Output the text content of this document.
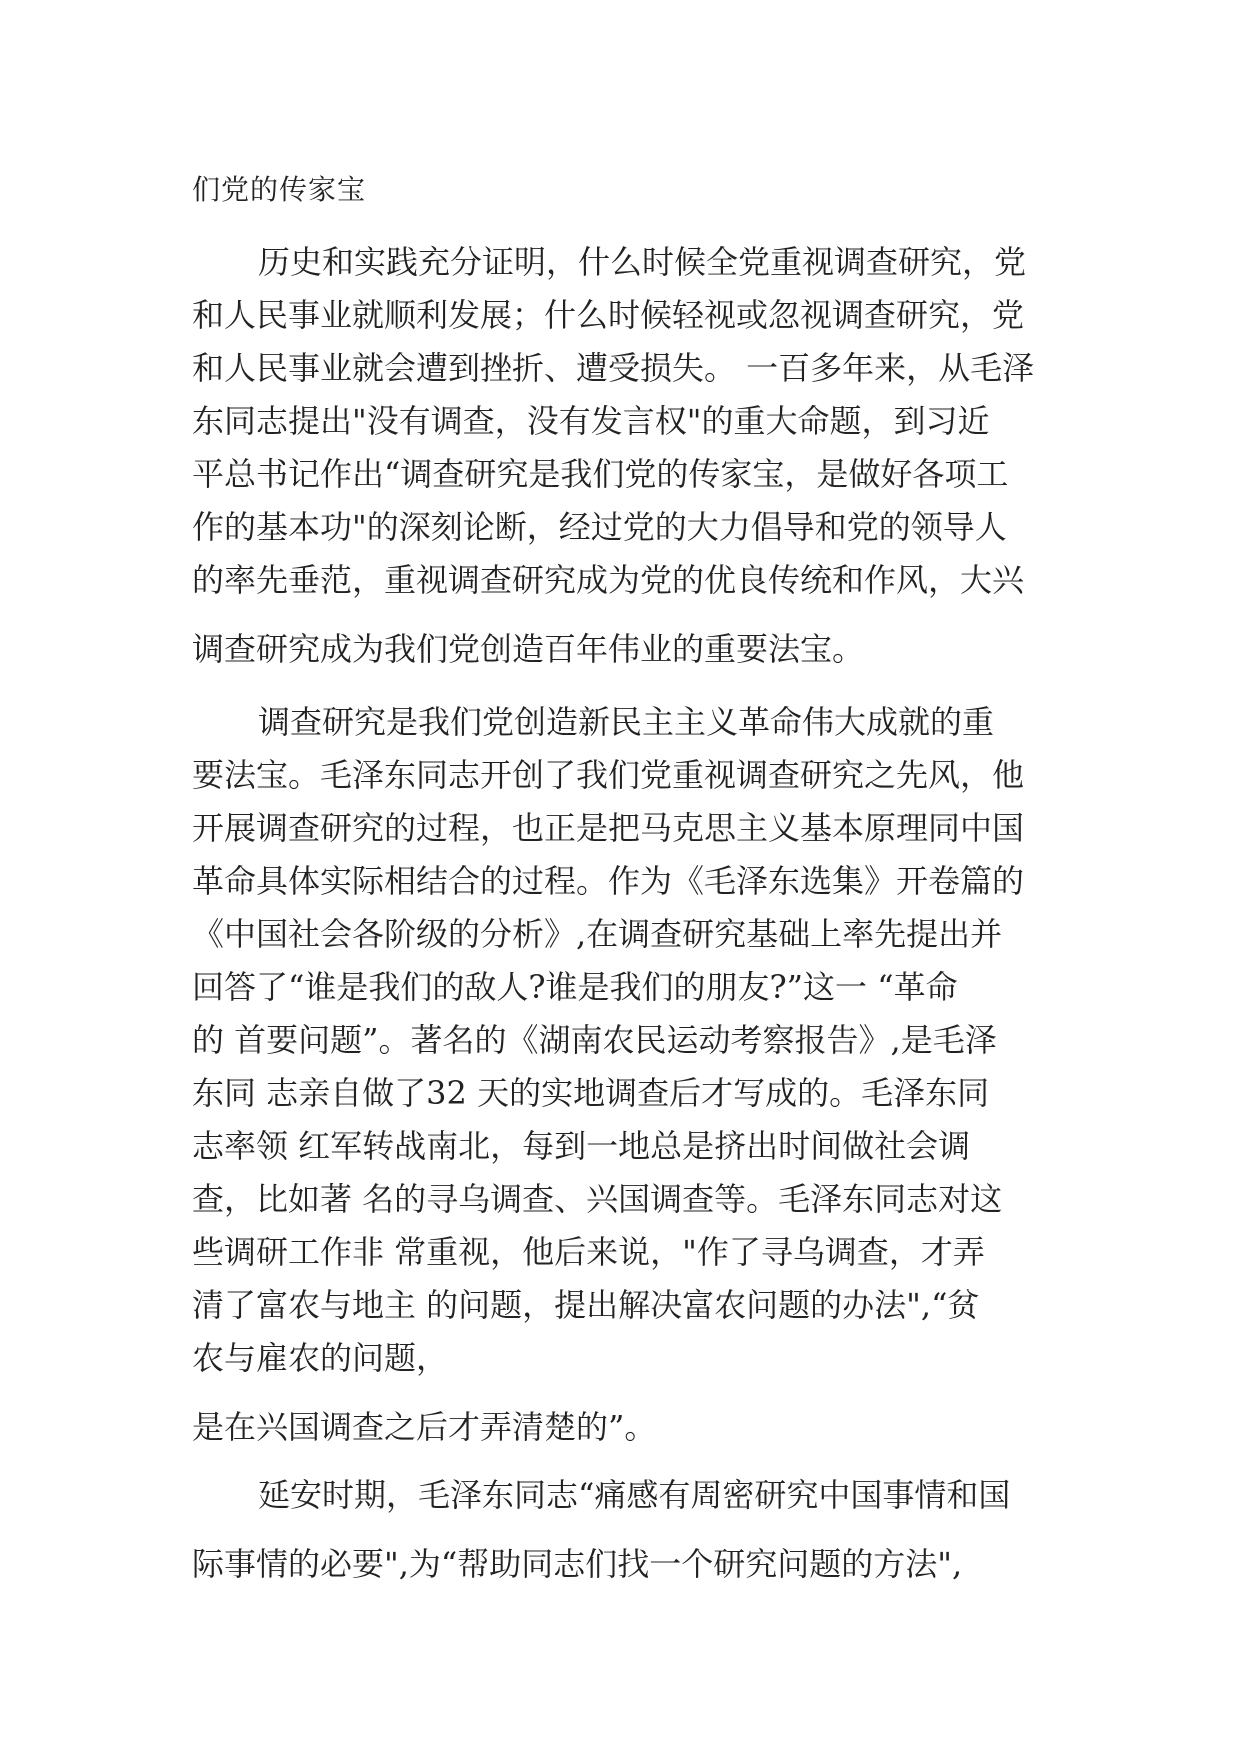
们党的传家宝
历史和实践充分证明，什么时候全党重视调查研究，党
和人民事业就顺利发展；什么时候轻视或忽视调查研究，党
和人民事业就会遭到挫折、遭受损失。 一百多年来，从毛泽
东同志提出"没有调查，没有发言权"的重大命题，到习近
平总书记作出“调查研究是我们党的传家宝，是做好各项工
作的基本功"的深刻论断，经过党的大力倡导和党的领导人
的率先垂范，重视调查研究成为党的优良传统和作风，大兴
调查研究成为我们党创造百年伟业的重要法宝。
调查研究是我们党创造新民主主义革命伟大成就的重
要法宝。毛泽东同志开创了我们党重视调查研究之先风，他
开展调查研究的过程，也正是把马克思主义基本原理同中国
革命具体实际相结合的过程。作为《毛泽东选集》开卷篇的
《中国社会各阶级的分析》,在调查研究基础上率先提出并
回答了“谁是我们的敌人?谁是我们的朋友?”这一 “革命
的 首要问题”。著名的《湖南农民运动考察报告》,是毛泽
东同 志亲自做了32 天的实地调查后才写成的。毛泽东同
志率领 红军转战南北，每到一地总是挤出时间做社会调
查，比如著 名的寻乌调查、兴国调查等。毛泽东同志对这
些调研工作非 常重视，他后来说，"作了寻乌调查，才弄
清了富农与地主 的问题，提出解决富农问题的办法",“贫
农与雇农的问题，
是在兴国调查之后才弄清楚的”。
延安时期，毛泽东同志“痛感有周密研究中国事情和国
际事情的必要",为“帮助同志们找一个研究问题的方法",
